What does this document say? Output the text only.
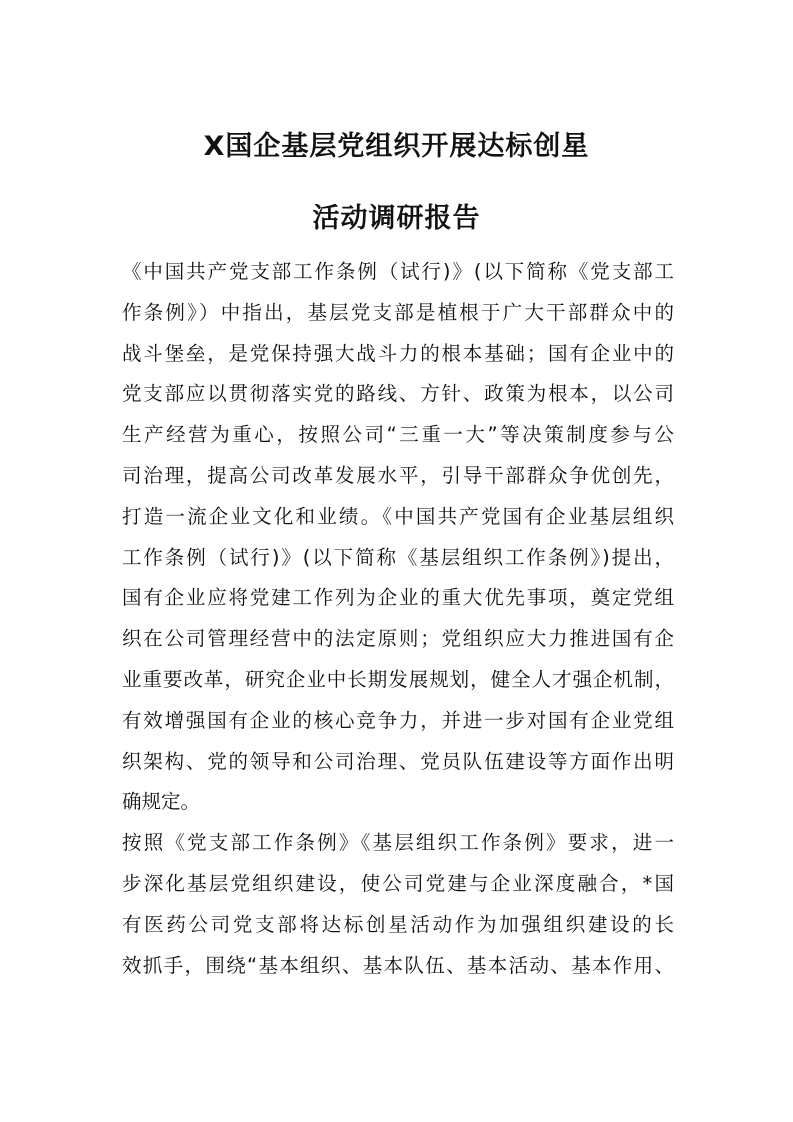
X国企基层党组织开展达标创星
活动调研报告

《中国共产党支部工作条例（试行)》(以下简称《党支部工
作条例》）中指出，基层党支部是植根于广大干部群众中的
战斗堡垒，是党保持强大战斗力的根本基础；国有企业中的
党支部应以贯彻落实党的路线、方针、政策为根本，以公司
生产经营为重心，按照公司“三重一大”等决策制度参与公
司治理，提高公司改革发展水平，引导干部群众争优创先，
打造一流企业文化和业绩。《中国共产党国有企业基层组织
工作条例（试行)》(以下简称《基层组织工作条例》)提出，
国有企业应将党建工作列为企业的重大优先事项，奠定党组
织在公司管理经营中的法定原则；党组织应大力推进国有企
业重要改革，研究企业中长期发展规划，健全人才强企机制，
有效增强国有企业的核心竞争力，并进一步对国有企业党组
织架构、党的领导和公司治理、党员队伍建设等方面作出明
确规定。

按照《党支部工作条例》《基层组织工作条例》要求，进一
步深化基层党组织建设，使公司党建与企业深度融合，*国
有医药公司党支部将达标创星活动作为加强组织建设的长
效抓手，围绕“基本组织、基本队伍、基本活动、基本作用、
